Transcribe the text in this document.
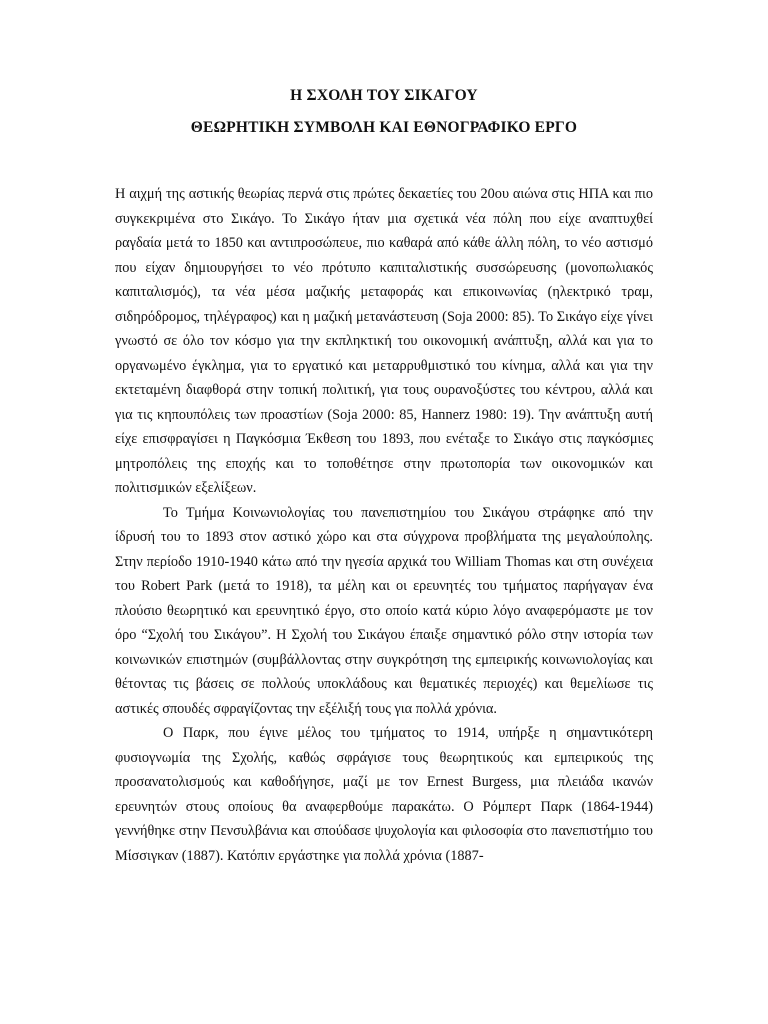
Η ΣΧΟΛΗ ΤΟΥ ΣΙΚΑΓΟΥ
ΘΕΩΡΗΤΙΚΗ ΣΥΜΒΟΛΗ ΚΑΙ ΕΘΝΟΓΡΑΦΙΚΟ ΕΡΓΟ

Η αιχμή της αστικής θεωρίας περνά στις πρώτες δεκαετίες του 20ου αιώνα στις ΗΠΑ και πιο συγκεκριμένα στο Σικάγο. Το Σικάγο ήταν μια σχετικά νέα πόλη που είχε αναπτυχθεί ραγδαία μετά το 1850 και αντιπροσώπευε, πιο καθαρά από κάθε άλλη πόλη, το νέο αστισμό που είχαν δημιουργήσει το νέο πρότυπο καπιταλιστικής συσσώρευσης (μονοπωλιακός καπιταλισμός), τα νέα μέσα μαζικής μεταφοράς και επικοινωνίας (ηλεκτρικό τραμ, σιδηρόδρομος, τηλέγραφος) και η μαζική μετανάστευση (Soja 2000: 85). Το Σικάγο είχε γίνει γνωστό σε όλο τον κόσμο για την εκπληκτική του οικονομική ανάπτυξη, αλλά και για το οργανωμένο έγκλημα, για το εργατικό και μεταρρυθμιστικό του κίνημα, αλλά και για την εκτεταμένη διαφθορά στην τοπική πολιτική, για τους ουρανοξύστες του κέντρου, αλλά και για τις κηπουπόλεις των προαστίων (Soja 2000: 85, Hannerz 1980: 19). Την ανάπτυξη αυτή είχε επισφραγίσει η Παγκόσμια Έκθεση του 1893, που ενέταξε το Σικάγο στις παγκόσμιες μητροπόλεις της εποχής και το τοποθέτησε στην πρωτοπορία των οικονομικών και πολιτισμικών εξελίξεων.

Το Τμήμα Κοινωνιολογίας του πανεπιστημίου του Σικάγου στράφηκε από την ίδρυσή του το 1893 στον αστικό χώρο και στα σύγχρονα προβλήματα της μεγαλούπολης. Στην περίοδο 1910-1940 κάτω από την ηγεσία αρχικά του William Thomas και στη συνέχεια του Robert Park (μετά το 1918), τα μέλη και οι ερευνητές του τμήματος παρήγαγαν ένα πλούσιο θεωρητικό και ερευνητικό έργο, στο οποίο κατά κύριο λόγο αναφερόμαστε με τον όρο “Σχολή του Σικάγου”. Η Σχολή του Σικάγου έπαιξε σημαντικό ρόλο στην ιστορία των κοινωνικών επιστημών (συμβάλλοντας στην συγκρότηση της εμπειρικής κοινωνιολογίας και θέτοντας τις βάσεις σε πολλούς υποκλάδους και θεματικές περιοχές) και θεμελίωσε τις αστικές σπουδές σφραγίζοντας την εξέλιξή τους για πολλά χρόνια.

Ο Παρκ, που έγινε μέλος του τμήματος το 1914, υπήρξε η σημαντικότερη φυσιογνωμία της Σχολής, καθώς σφράγισε τους θεωρητικούς και εμπειρικούς της προσανατολισμούς και καθοδήγησε, μαζί με τον Ernest Burgess, μια πλειάδα ικανών ερευνητών στους οποίους θα αναφερθούμε παρακάτω. Ο Ρόμπερτ Παρκ (1864-1944) γεννήθηκε στην Πενσυλβάνια και σπούδασε ψυχολογία και φιλοσοφία στο πανεπιστήμιο του Μίσσιγκαν (1887). Κατόπιν εργάστηκε για πολλά χρόνια (1887-
